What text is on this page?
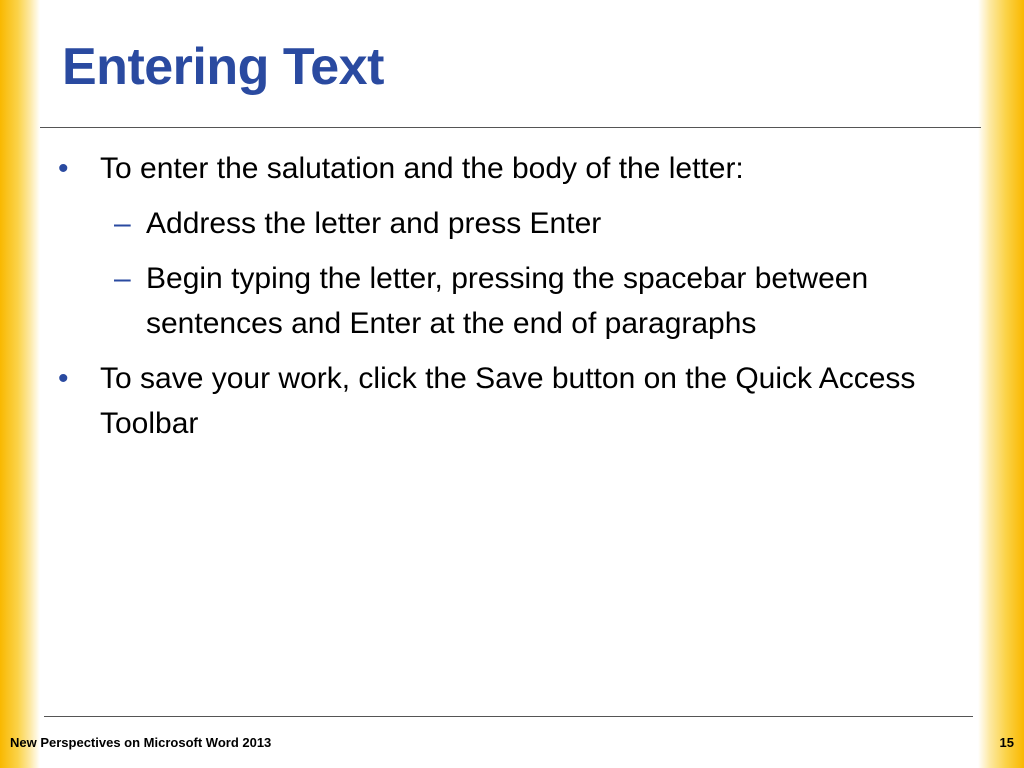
Entering Text
• To enter the salutation and the body of the letter:
– Address the letter and press Enter
– Begin typing the letter, pressing the spacebar between sentences and Enter at the end of paragraphs
• To save your work, click the Save button on the Quick Access Toolbar
New Perspectives on Microsoft Word 2013	15
